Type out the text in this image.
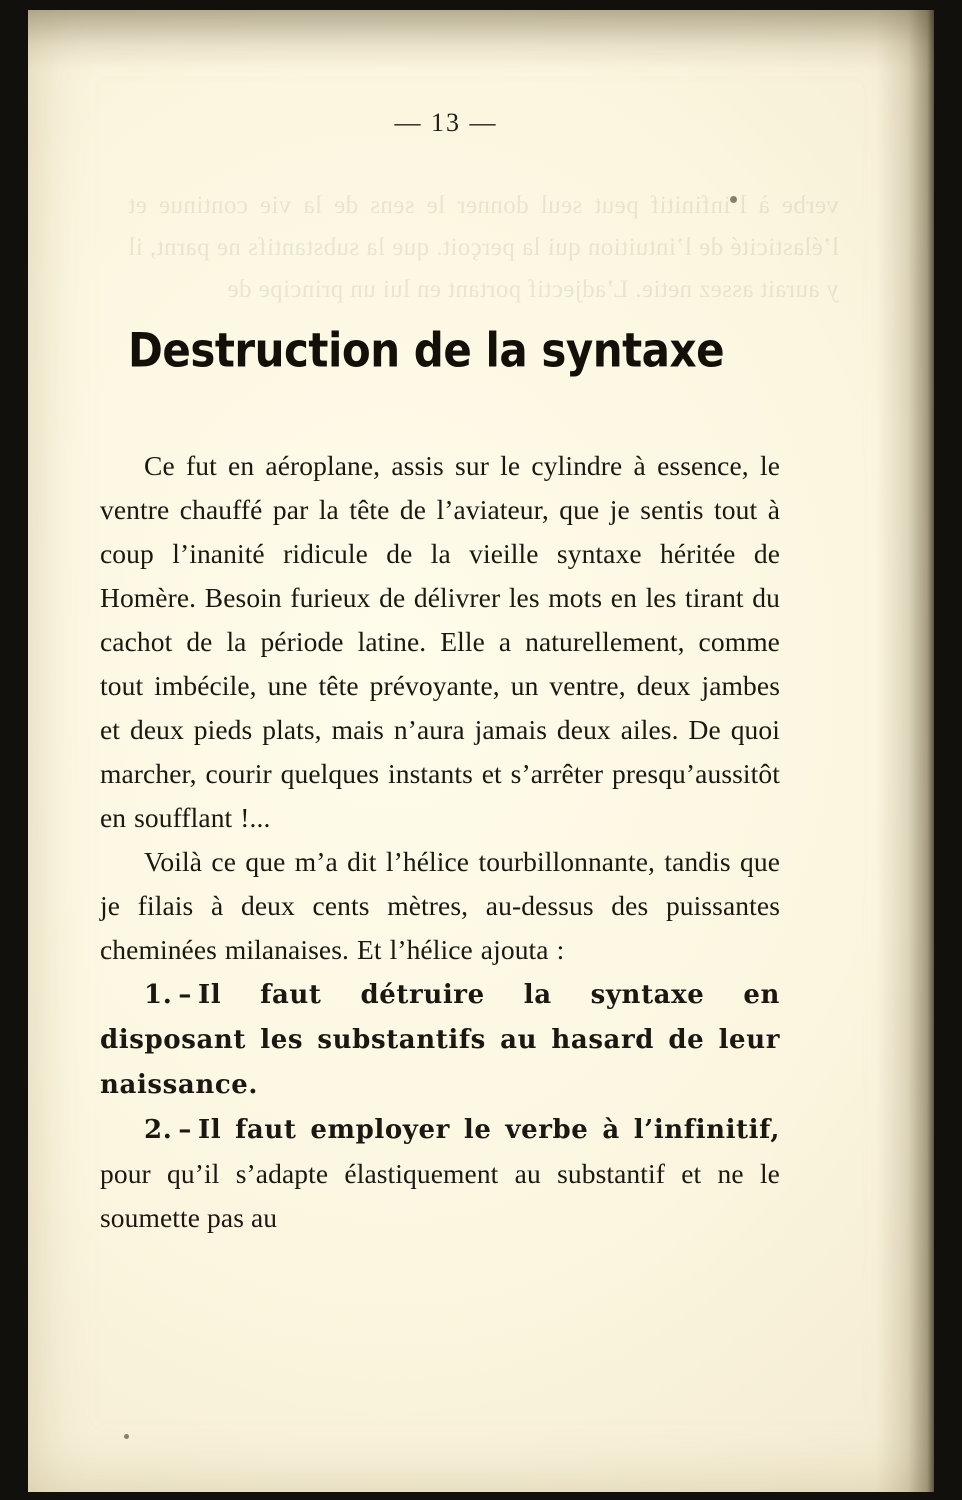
verbe à l’infinitif peut seul donner le sens de la vie continue et l’élasticité de l’intuition qui la perçoit. que la substantifs ne parnt, il y aurait assez netie. L’adjectif portant en lui un principe de
— 13 —
Destruction de la syntaxe

Ce fut en aéroplane, assis sur le cylindre à essence, le ventre chauffé par la tête de l’aviateur, que je sentis tout à coup l’inanité ridicule de la vieille syntaxe héritée de Homère. Besoin furieux de délivrer les mots en les tirant du cachot de la période latine. Elle a naturellement, comme tout imbécile, une tête prévoyante, un ventre, deux jambes et deux pieds plats, mais n’aura jamais deux ailes. De quoi marcher, courir quelques instants et s’arrêter presqu’aussitôt en soufflant !...

Voilà ce que m’a dit l’hélice tourbillonnante, tandis que je filais à deux cents mètres, au-dessus des puissantes cheminées milanaises. Et l’hélice ajouta :

1. – Il faut détruire la syntaxe en disposant les substantifs au hasard de leur naissance.

2. – Il faut employer le verbe à l’infinitif, pour qu’il s’adapte élastiquement au substantif et ne le soumette pas au
